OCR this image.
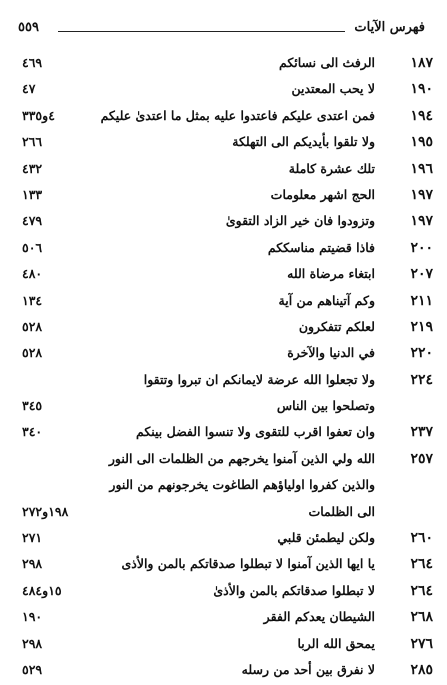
فهرس الآيات
٥٥٩
١٨٧
الرفث الى نسائكم
٤٦٩
١٩٠
لا يحب المعتدين
٤٧
١٩٤
فمن اعتدى عليكم فاعتدوا عليه بمثل ما اعتدىٰ عليكم
٤و٣٣٥
١٩٥
ولا تلقوا بأيديكم الى التهلكة
٢٦٦
١٩٦
تلك عشرة كاملة
٤٣٢
١٩٧
الحج اشهر معلومات
١٣٣
١٩٧
وتزودوا فان خير الزاد التقوىٰ
٤٧٩
٢٠٠
فاذا قضيتم مناسككم
٥٠٦
٢٠٧
ابتغاء مرضاة الله
٤٨٠
٢١١
وكم آتيناهم من آية
١٣٤
٢١٩
لعلكم تتفكرون
٥٢٨
٢٢٠
في الدنيا والآخرة
٥٢٨
٢٢٤
ولا تجعلوا الله عرضة لايمانكم ان تبروا وتتقوا
وتصلحوا بين الناس
٣٤٥
٢٣٧
وان تعفوا اقرب للتقوى ولا تنسوا الفضل بينكم
٣٤٠
٢٥٧
الله ولي الذين آمنوا يخرجهم من الظلمات الى النور
والذين كفروا اولياؤهم الطاغوت يخرجونهم من النور
الى الظلمات
١٩٨و٢٧٢
٢٦٠
ولكن ليطمئن قلبي
٢٧١
٢٦٤
يا ايها الذين آمنوا لا تبطلوا صدقاتكم بالمن والأذى
٢٩٨
٢٦٤
لا تبطلوا صدقاتكم بالمن والأذىٰ
١٥و٤٨٤
٢٦٨
الشيطان يعدكم الفقر
١٩٠
٢٧٦
يمحق الله الربا
٢٩٨
٢٨٥
لا نفرق بين أحد من رسله
٥٢٩
